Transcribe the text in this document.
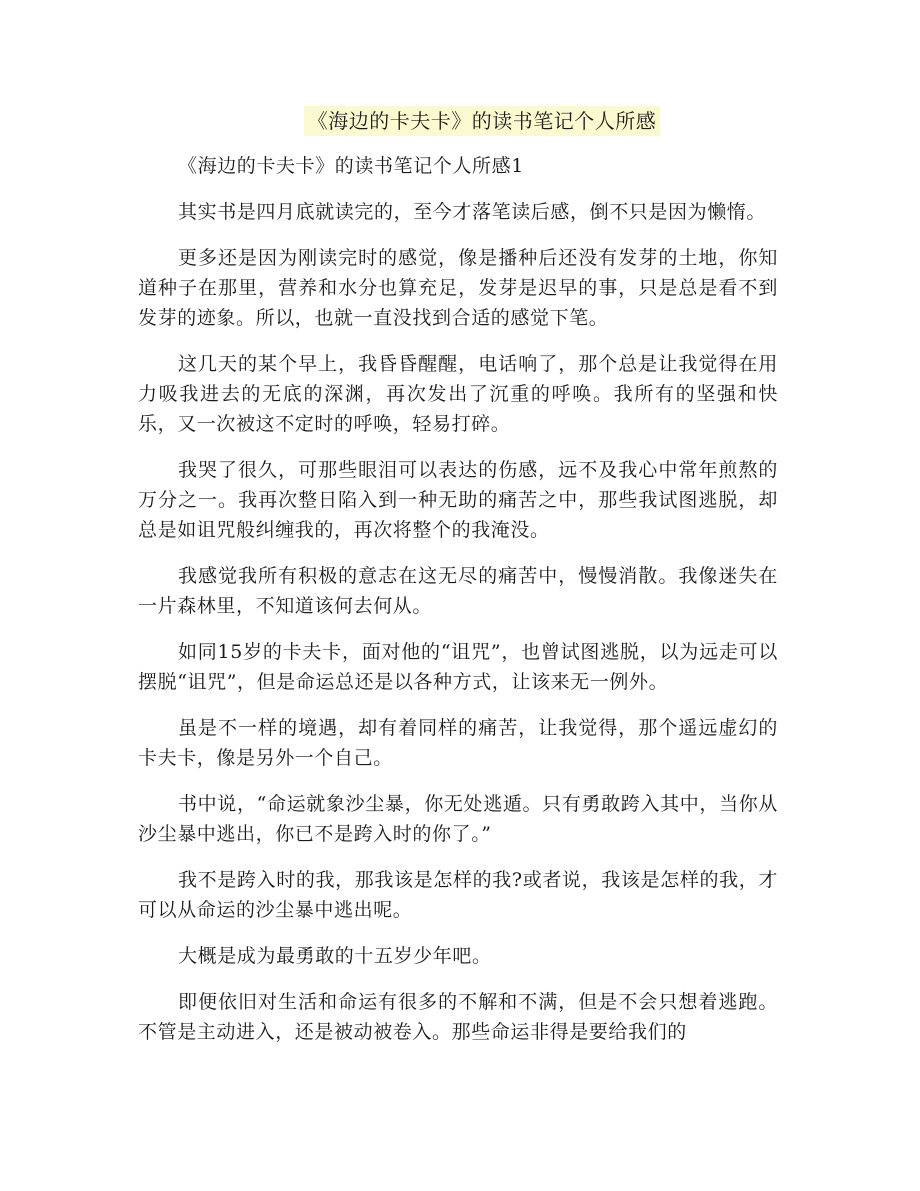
《海边的卡夫卡》的读书笔记个人所感

《海边的卡夫卡》的读书笔记个人所感1

其实书是四月底就读完的，至今才落笔读后感，倒不只是因为懒惰。

更多还是因为刚读完时的感觉，像是播种后还没有发芽的土地，你知道种子在那里，营养和水分也算充足，发芽是迟早的事，只是总是看不到发芽的迹象。所以，也就一直没找到合适的感觉下笔。

这几天的某个早上，我昏昏醒醒，电话响了，那个总是让我觉得在用力吸我进去的无底的深渊，再次发出了沉重的呼唤。我所有的坚强和快乐，又一次被这不定时的呼唤，轻易打碎。

我哭了很久，可那些眼泪可以表达的伤感，远不及我心中常年煎熬的万分之一。我再次整日陷入到一种无助的痛苦之中，那些我试图逃脱，却总是如诅咒般纠缠我的，再次将整个的我淹没。

我感觉我所有积极的意志在这无尽的痛苦中，慢慢消散。我像迷失在一片森林里，不知道该何去何从。

如同15岁的卡夫卡，面对他的“诅咒”，也曾试图逃脱，以为远走可以摆脱“诅咒”，但是命运总还是以各种方式，让该来无一例外。

虽是不一样的境遇，却有着同样的痛苦，让我觉得，那个遥远虚幻的卡夫卡，像是另外一个自己。

书中说，“命运就象沙尘暴，你无处逃遁。只有勇敢跨入其中，当你从沙尘暴中逃出，你已不是跨入时的你了。”

我不是跨入时的我，那我该是怎样的我?或者说，我该是怎样的我，才可以从命运的沙尘暴中逃出呢。

大概是成为最勇敢的十五岁少年吧。

即便依旧对生活和命运有很多的不解和不满，但是不会只想着逃跑。不管是主动进入，还是被动被卷入。那些命运非得是要给我们的
